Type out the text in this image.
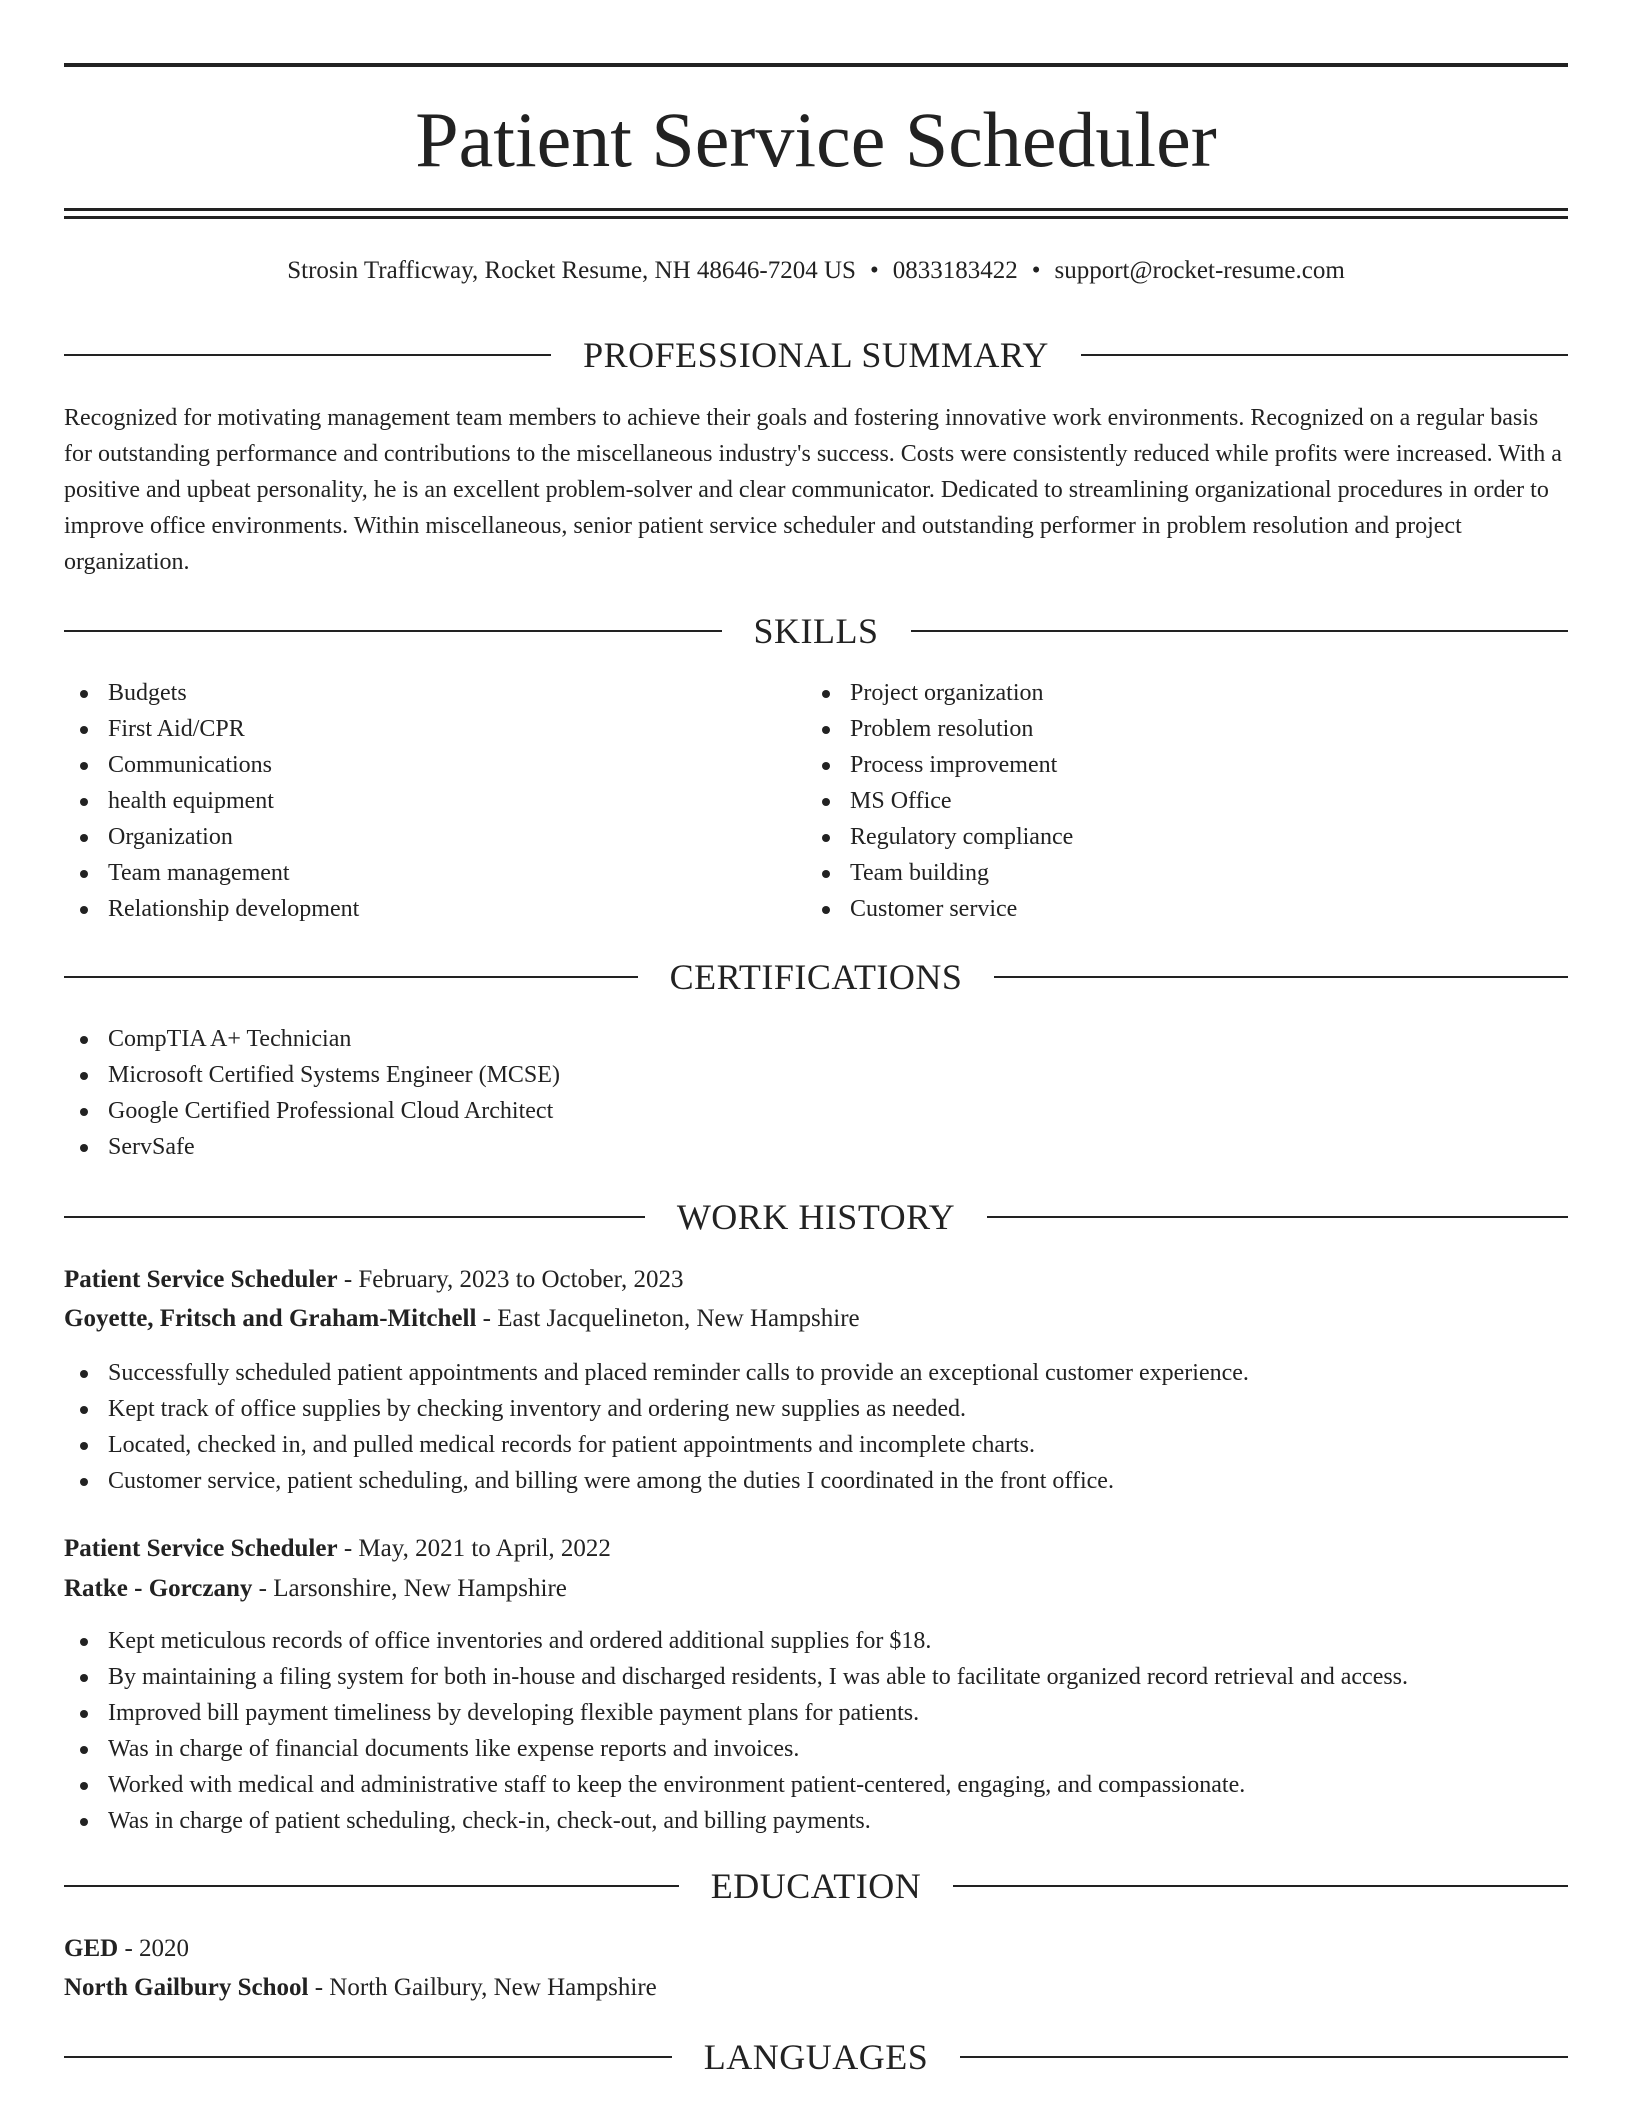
Patient Service Scheduler
Strosin Trafficway, Rocket Resume, NH 48646-7204 US • 0833183422 • support@rocket-resume.com
PROFESSIONAL SUMMARY

Recognized for motivating management team members to achieve their goals and fostering innovative work environments. Recognized on a regular basis for outstanding performance and contributions to the miscellaneous industry's success. Costs were consistently reduced while profits were increased. With a positive and upbeat personality, he is an excellent problem-solver and clear communicator. Dedicated to streamlining organizational procedures in order to improve office environments. Within miscellaneous, senior patient service scheduler and outstanding performer in problem resolution and project organization.

SKILLS
Budgets
First Aid/CPR
Communications
health equipment
Organization
Team management
Relationship development
Project organization
Problem resolution
Process improvement
MS Office
Regulatory compliance
Team building
Customer service
CERTIFICATIONS
CompTIA A+ Technician
Microsoft Certified Systems Engineer (MCSE)
Google Certified Professional Cloud Architect
ServSafe
WORK HISTORY
Patient Service Scheduler - February, 2023 to October, 2023
Goyette, Fritsch and Graham-Mitchell - East Jacquelineton, New Hampshire
Successfully scheduled patient appointments and placed reminder calls to provide an exceptional customer experience.
Kept track of office supplies by checking inventory and ordering new supplies as needed.
Located, checked in, and pulled medical records for patient appointments and incomplete charts.
Customer service, patient scheduling, and billing were among the duties I coordinated in the front office.
Patient Service Scheduler - May, 2021 to April, 2022
Ratke - Gorczany - Larsonshire, New Hampshire
Kept meticulous records of office inventories and ordered additional supplies for $18.
By maintaining a filing system for both in-house and discharged residents, I was able to facilitate organized record retrieval and access.
Improved bill payment timeliness by developing flexible payment plans for patients.
Was in charge of financial documents like expense reports and invoices.
Worked with medical and administrative staff to keep the environment patient-centered, engaging, and compassionate.
Was in charge of patient scheduling, check-in, check-out, and billing payments.
EDUCATION
GED - 2020
North Gailbury School - North Gailbury, New Hampshire
LANGUAGES
